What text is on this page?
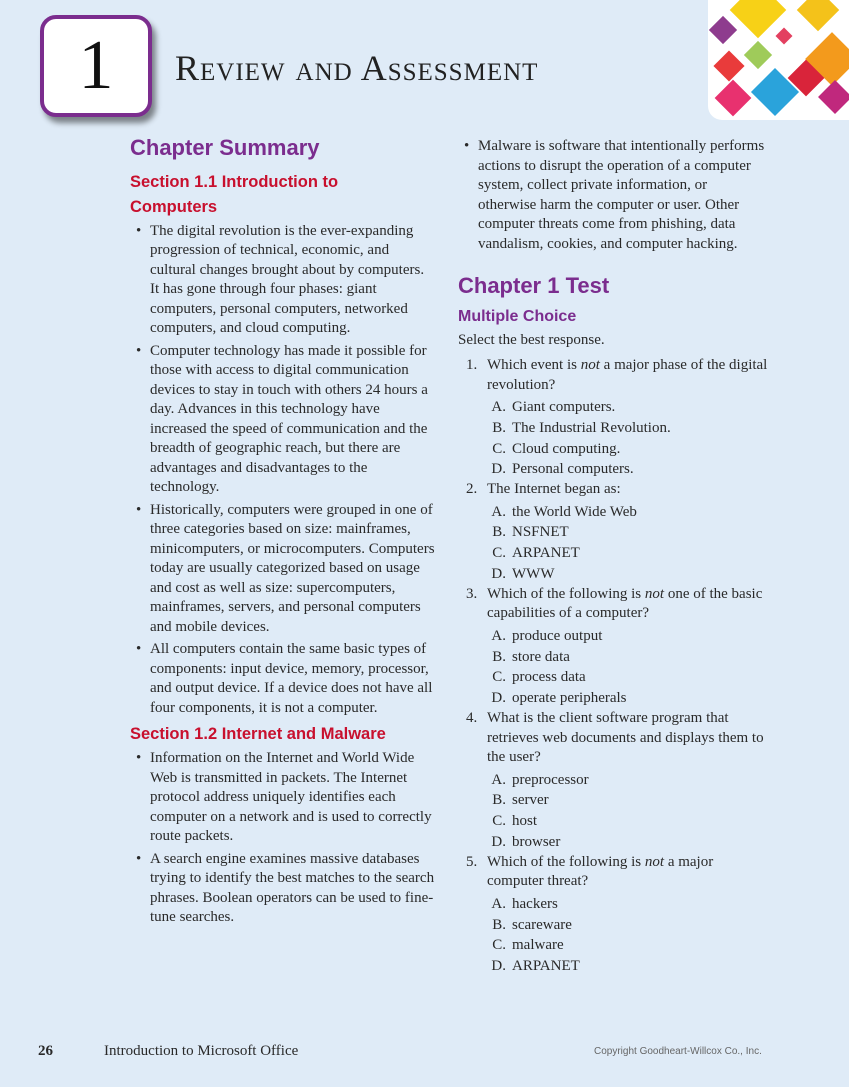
1 Review and Assessment
Chapter Summary
Section 1.1 Introduction to Computers
• The digital revolution is the ever-expanding progression of technical, economic, and cultural changes brought about by computers. It has gone through four phases: giant computers, personal computers, networked computers, and cloud computing.
• Computer technology has made it possible for those with access to digital communication devices to stay in touch with others 24 hours a day. Advances in this technology have increased the speed of communication and the breadth of geographic reach, but there are advantages and disadvantages to the technology.
• Historically, computers were grouped in one of three categories based on size: mainframes, minicomputers, or microcomputers. Computers today are usually categorized based on usage and cost as well as size: supercomputers, mainframes, servers, and personal computers and mobile devices.
• All computers contain the same basic types of components: input device, memory, processor, and output device. If a device does not have all four components, it is not a computer.
Section 1.2 Internet and Malware
• Information on the Internet and World Wide Web is transmitted in packets. The Internet protocol address uniquely identifies each computer on a network and is used to correctly route packets.
• A search engine examines massive databases trying to identify the best matches to the search phrases. Boolean operators can be used to fine-tune searches.
• Malware is software that intentionally performs actions to disrupt the operation of a computer system, collect private information, or otherwise harm the computer or user. Other computer threats come from phishing, data vandalism, cookies, and computer hacking.
Chapter 1 Test
Multiple Choice
Select the best response.
1. Which event is not a major phase of the digital revolution?
A. Giant computers.
B. The Industrial Revolution.
C. Cloud computing.
D. Personal computers.
2. The Internet began as:
A. the World Wide Web
B. NSFNET
C. ARPANET
D. WWW
3. Which of the following is not one of the basic capabilities of a computer?
A. produce output
B. store data
C. process data
D. operate peripherals
4. What is the client software program that retrieves web documents and displays them to the user?
A. preprocessor
B. server
C. host
D. browser
5. Which of the following is not a major computer threat?
A. hackers
B. scareware
C. malware
D. ARPANET
26	Introduction to Microsoft Office	Copyright Goodheart-Willcox Co., Inc.
